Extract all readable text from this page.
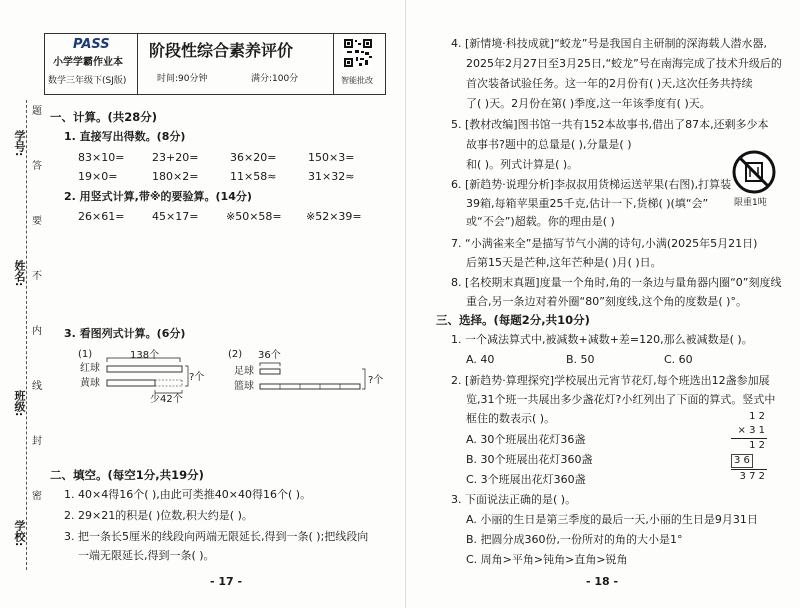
学号:
姓名:
班级:
学校:
题
答
要
不
内
线
封
密
PASS
小学学霸作业本
数学三年级下(SJ版)
阶段性综合素养评价
时间:90分钟	满分:100分	智能批改
一、计算。(共28分)
1. 直接写出得数。(8分)
83×10=	23+20=	36×20=	150×3=
19×0=	180×2=	11×58≈	31×32≈
2. 用竖式计算,带※的要验算。(14分)
26×61=	45×17=	※50×58= ※52×39=
3. 看图列式计算。(6分)
(1)	138个
红球
黄球
?个
少42个
(2) 36个
足球
篮球
?个
二、填空。(每空1分,共19分)
1. 40×4得16个( ),由此可类推40×40得16个( )。
2. 29×21的积是( )位数,积大约是( )。
3. 把一条长5厘米的线段向两端无限延长,得到一条( );把线段向
一端无限延长,得到一条( )。
- 17 -
4. [新情境·科技成就]“蛟龙”号是我国自主研制的深海载人潜水器,
2025年2月27日至3月25日,“蛟龙”号在南海完成了技术升级后的
首次装备试验任务。这一年的2月份有( )天,这次任务共持续
了( )天。2月份在第( )季度,这一年该季度有( )天。
5. [教材改编]图书馆一共有152本故事书,借出了87本,还剩多少本
故事书?题中的总量是( ),分量是( )
和( )。列式计算是( )。
6. [新趋势·说理分析]李叔叔用货梯运送苹果(右图),打算装
39箱,每箱苹果重25千克,估计一下,货梯( )(填“会”
或“不会”)超载。你的理由是( )
限重1吨
7. “小满雀来全”是描写节气小满的诗句,小满(2025年5月21日)
后第15天是芒种,这年芒种是( )月( )日。
8. [名校期末真题]度量一个角时,角的一条边与量角器内圈“0”刻度线
重合,另一条边对着外圈“80”刻度线,这个角的度数是( )°。
三、选择。(每题2分,共10分)
1. 一个减法算式中,被减数+减数+差=120,那么被减数是( )。
A. 40	B. 50	C. 60
2. [新趋势·算理探究]学校展出元宵节花灯,每个班选出12盏参加展
览,31个班一共展出多少盏花灯?小红列出了下面的算式。竖式中
框住的数表示( )。
A. 30个班展出花灯36盏
B. 30个班展出花灯360盏
C. 3个班展出花灯360盏
1 2
× 3 1
1 2
3 6
3 7 2
3. 下面说法正确的是( )。
A. 小丽的生日是第三季度的最后一天,小丽的生日是9月31日
B. 把圆分成360份,一份所对的角的大小是1°
C. 周角>平角>钝角>直角>锐角
- 18 -
